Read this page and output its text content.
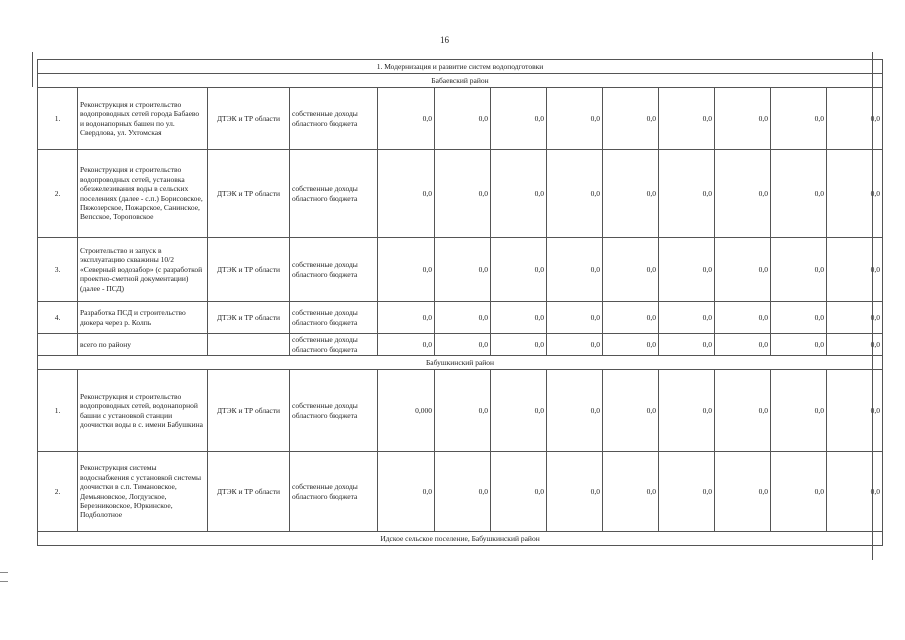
16
1. Модернизация и развитие систем водоподготовки												
Бабаевский район												
1.	Реконструкция и строительство водопроводных сетей города Бабаево и водонапорных башен по ул. Свердлова, ул. Ухтомская	ДТЭК и ТР области	собственные доходы областного бюджета	0,0	0,0	0,0	0,0	0,0	0,0	0,0	0,0	0,0
2.	Реконструкция и строительство водопроводных сетей, установка обезжелезивания воды в сельских поселениях (далее - с.п.) Борисовское, Пяжозерское, Пожарское, Санинское, Вепсское, Тороповское	ДТЭК и ТР области	собственные доходы областного бюджета	0,0	0,0	0,0	0,0	0,0	0,0	0,0	0,0	0,0
3.	Строительство и запуск в эксплуатацию скважины 10/2 «Северный водозабор» (с разработкой проектно-сметной документации) (далее - ПСД)	ДТЭК и ТР области	собственные доходы областного бюджета	0,0	0,0	0,0	0,0	0,0	0,0	0,0	0,0	0,0
4.	Разработка ПСД и строительство дюкера через р. Колпь	ДТЭК и ТР области	собственные доходы областного бюджета	0,0	0,0	0,0	0,0	0,0	0,0	0,0	0,0	0,0
	всего по району		собственные доходы областного бюджета	0,0	0,0	0,0	0,0	0,0	0,0	0,0	0,0	0,0
Бабушкинский район												
1.	Реконструкция и строительство водопроводных сетей, водонапорной башни с установкой станции доочистки воды в с. имени Бабушкина	ДТЭК и ТР области	собственные доходы областного бюджета	0,000	0,0	0,0	0,0	0,0	0,0	0,0	0,0	0,0
2.	Реконструкция системы водоснабжения с установкой системы доочистки в с.п. Тимановское, Демьяновское, Логдузское, Березниковское, Юркинское, Подболотное	ДТЭК и ТР области	собственные доходы областного бюджета	0,0	0,0	0,0	0,0	0,0	0,0	0,0	0,0	0,0
Идское сельское поселение, Бабушкинский район												
